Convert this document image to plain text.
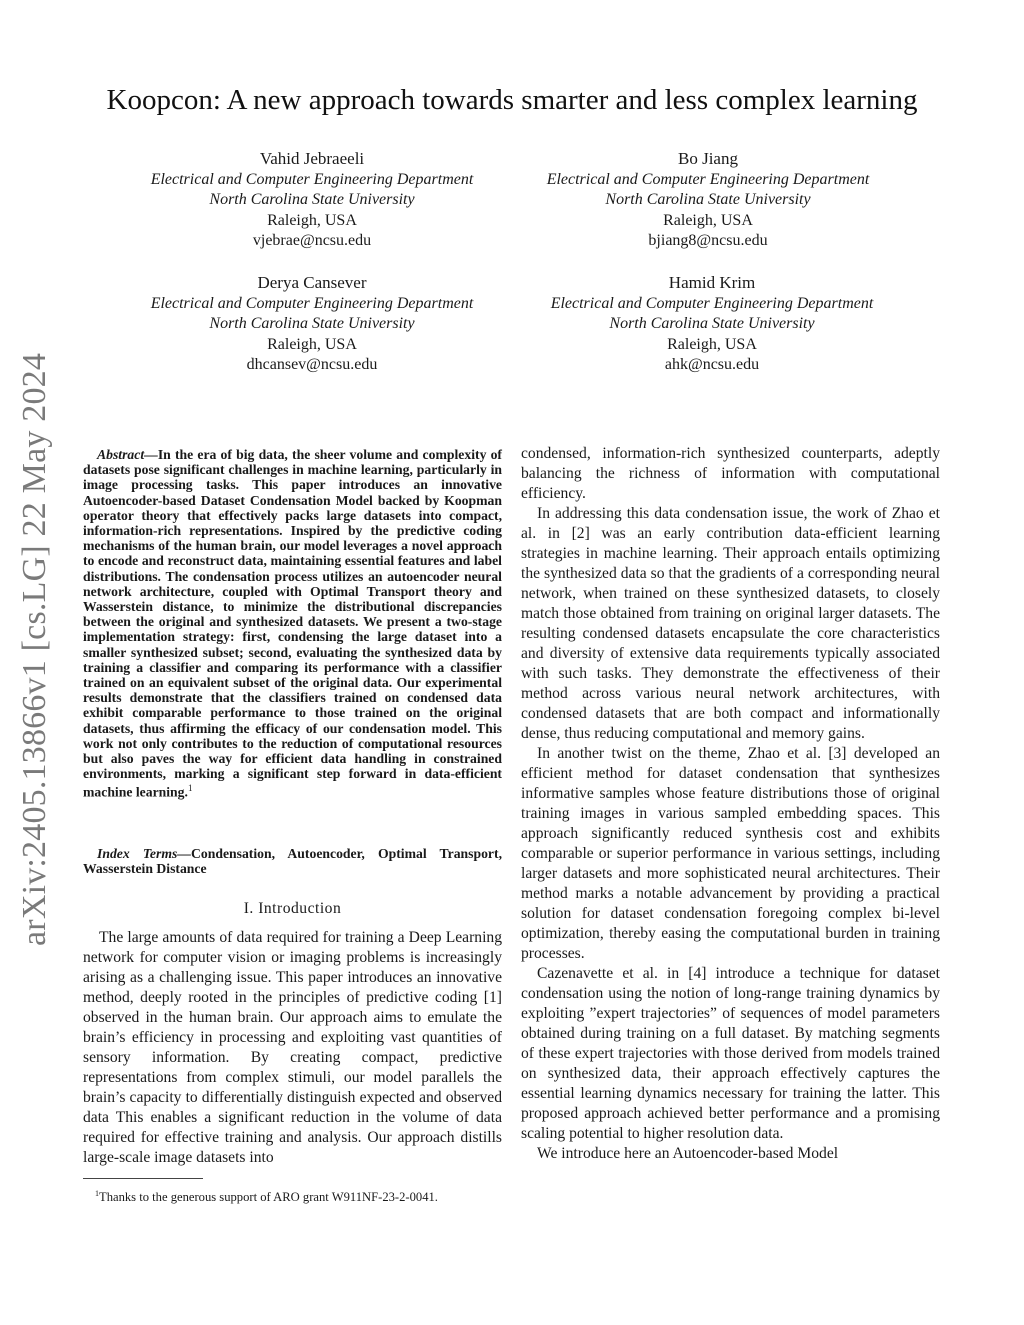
arXiv:2405.13866v1 [cs.LG] 22 May 2024
Koopcon: A new approach towards smarter and less complex learning
Vahid Jebraeeli
Electrical and Computer Engineering Department
North Carolina State University
Raleigh, USA
vjebrae@ncsu.edu
Bo Jiang
Electrical and Computer Engineering Department
North Carolina State University
Raleigh, USA
bjiang8@ncsu.edu
Derya Cansever
Electrical and Computer Engineering Department
North Carolina State University
Raleigh, USA
dhcansev@ncsu.edu
Hamid Krim
Electrical and Computer Engineering Department
North Carolina State University
Raleigh, USA
ahk@ncsu.edu
Abstract—In the era of big data, the sheer volume and complexity of datasets pose significant challenges in machine learning, particularly in image processing tasks. This paper introduces an innovative Autoencoder-based Dataset Condensation Model backed by Koopman operator theory that effectively packs large datasets into compact, information-rich representations. Inspired by the predictive coding mechanisms of the human brain, our model leverages a novel approach to encode and reconstruct data, maintaining essential features and label distributions. The condensation process utilizes an autoencoder neural network architecture, coupled with Optimal Transport theory and Wasserstein distance, to minimize the distributional discrepancies between the original and synthesized datasets. We present a two-stage implementation strategy: first, condensing the large dataset into a smaller synthesized subset; second, evaluating the synthesized data by training a classifier and comparing its performance with a classifier trained on an equivalent subset of the original data. Our experimental results demonstrate that the classifiers trained on condensed data exhibit comparable performance to those trained on the original datasets, thus affirming the efficacy of our condensation model. This work not only contributes to the reduction of computational resources but also paves the way for efficient data handling in constrained environments, marking a significant step forward in data-efficient machine learning.$^1$
Index Terms—Condensation, Autoencoder, Optimal Transport, Wasserstein Distance
I. Introduction

The large amounts of data required for training a Deep Learning network for computer vision or imaging problems is increasingly arising as a challenging issue. This paper introduces an innovative method, deeply rooted in the principles of predictive coding [1] observed in the human brain. Our approach aims to emulate the brain’s efficiency in processing and exploiting vast quantities of sensory information. By creating compact, predictive representations from complex stimuli, our model parallels the brain’s capacity to differentially distinguish expected and observed data This enables a significant reduction in the volume of data required for effective training and analysis. Our approach distills large-scale image datasets into

$^1$Thanks to the generous support of ARO grant W911NF-23-2-0041.

condensed, information-rich synthesized counterparts, adeptly balancing the richness of information with computational efficiency.

In addressing this data condensation issue, the work of Zhao et al. in [2] was an early contribution data-efficient learning strategies in machine learning. Their approach entails optimizing the synthesized data so that the gradients of a corresponding neural network, when trained on these synthesized datasets, to closely match those obtained from training on original larger datasets. The resulting condensed datasets encapsulate the core characteristics and diversity of extensive data requirements typically associated with such tasks. They demonstrate the effectiveness of their method across various neural network architectures, with condensed datasets that are both compact and informationally dense, thus reducing computational and memory gains.

In another twist on the theme, Zhao et al. [3] developed an efficient method for dataset condensation that synthesizes informative samples whose feature distributions those of original training images in various sampled embedding spaces. This approach significantly reduced synthesis cost and exhibits comparable or superior performance in various settings, including larger datasets and more sophisticated neural architectures. Their method marks a notable advancement by providing a practical solution for dataset condensation foregoing complex bi-level optimization, thereby easing the computational burden in training processes.

Cazenavette et al. in [4] introduce a technique for dataset condensation using the notion of long-range training dynamics by exploiting ”expert trajectories” of sequences of model parameters obtained during training on a full dataset. By matching segments of these expert trajectories with those derived from models trained on synthesized data, their approach effectively captures the essential learning dynamics necessary for training the latter. This proposed approach achieved better performance and a promising scaling potential to higher resolution data.

We introduce here an Autoencoder-based Model
